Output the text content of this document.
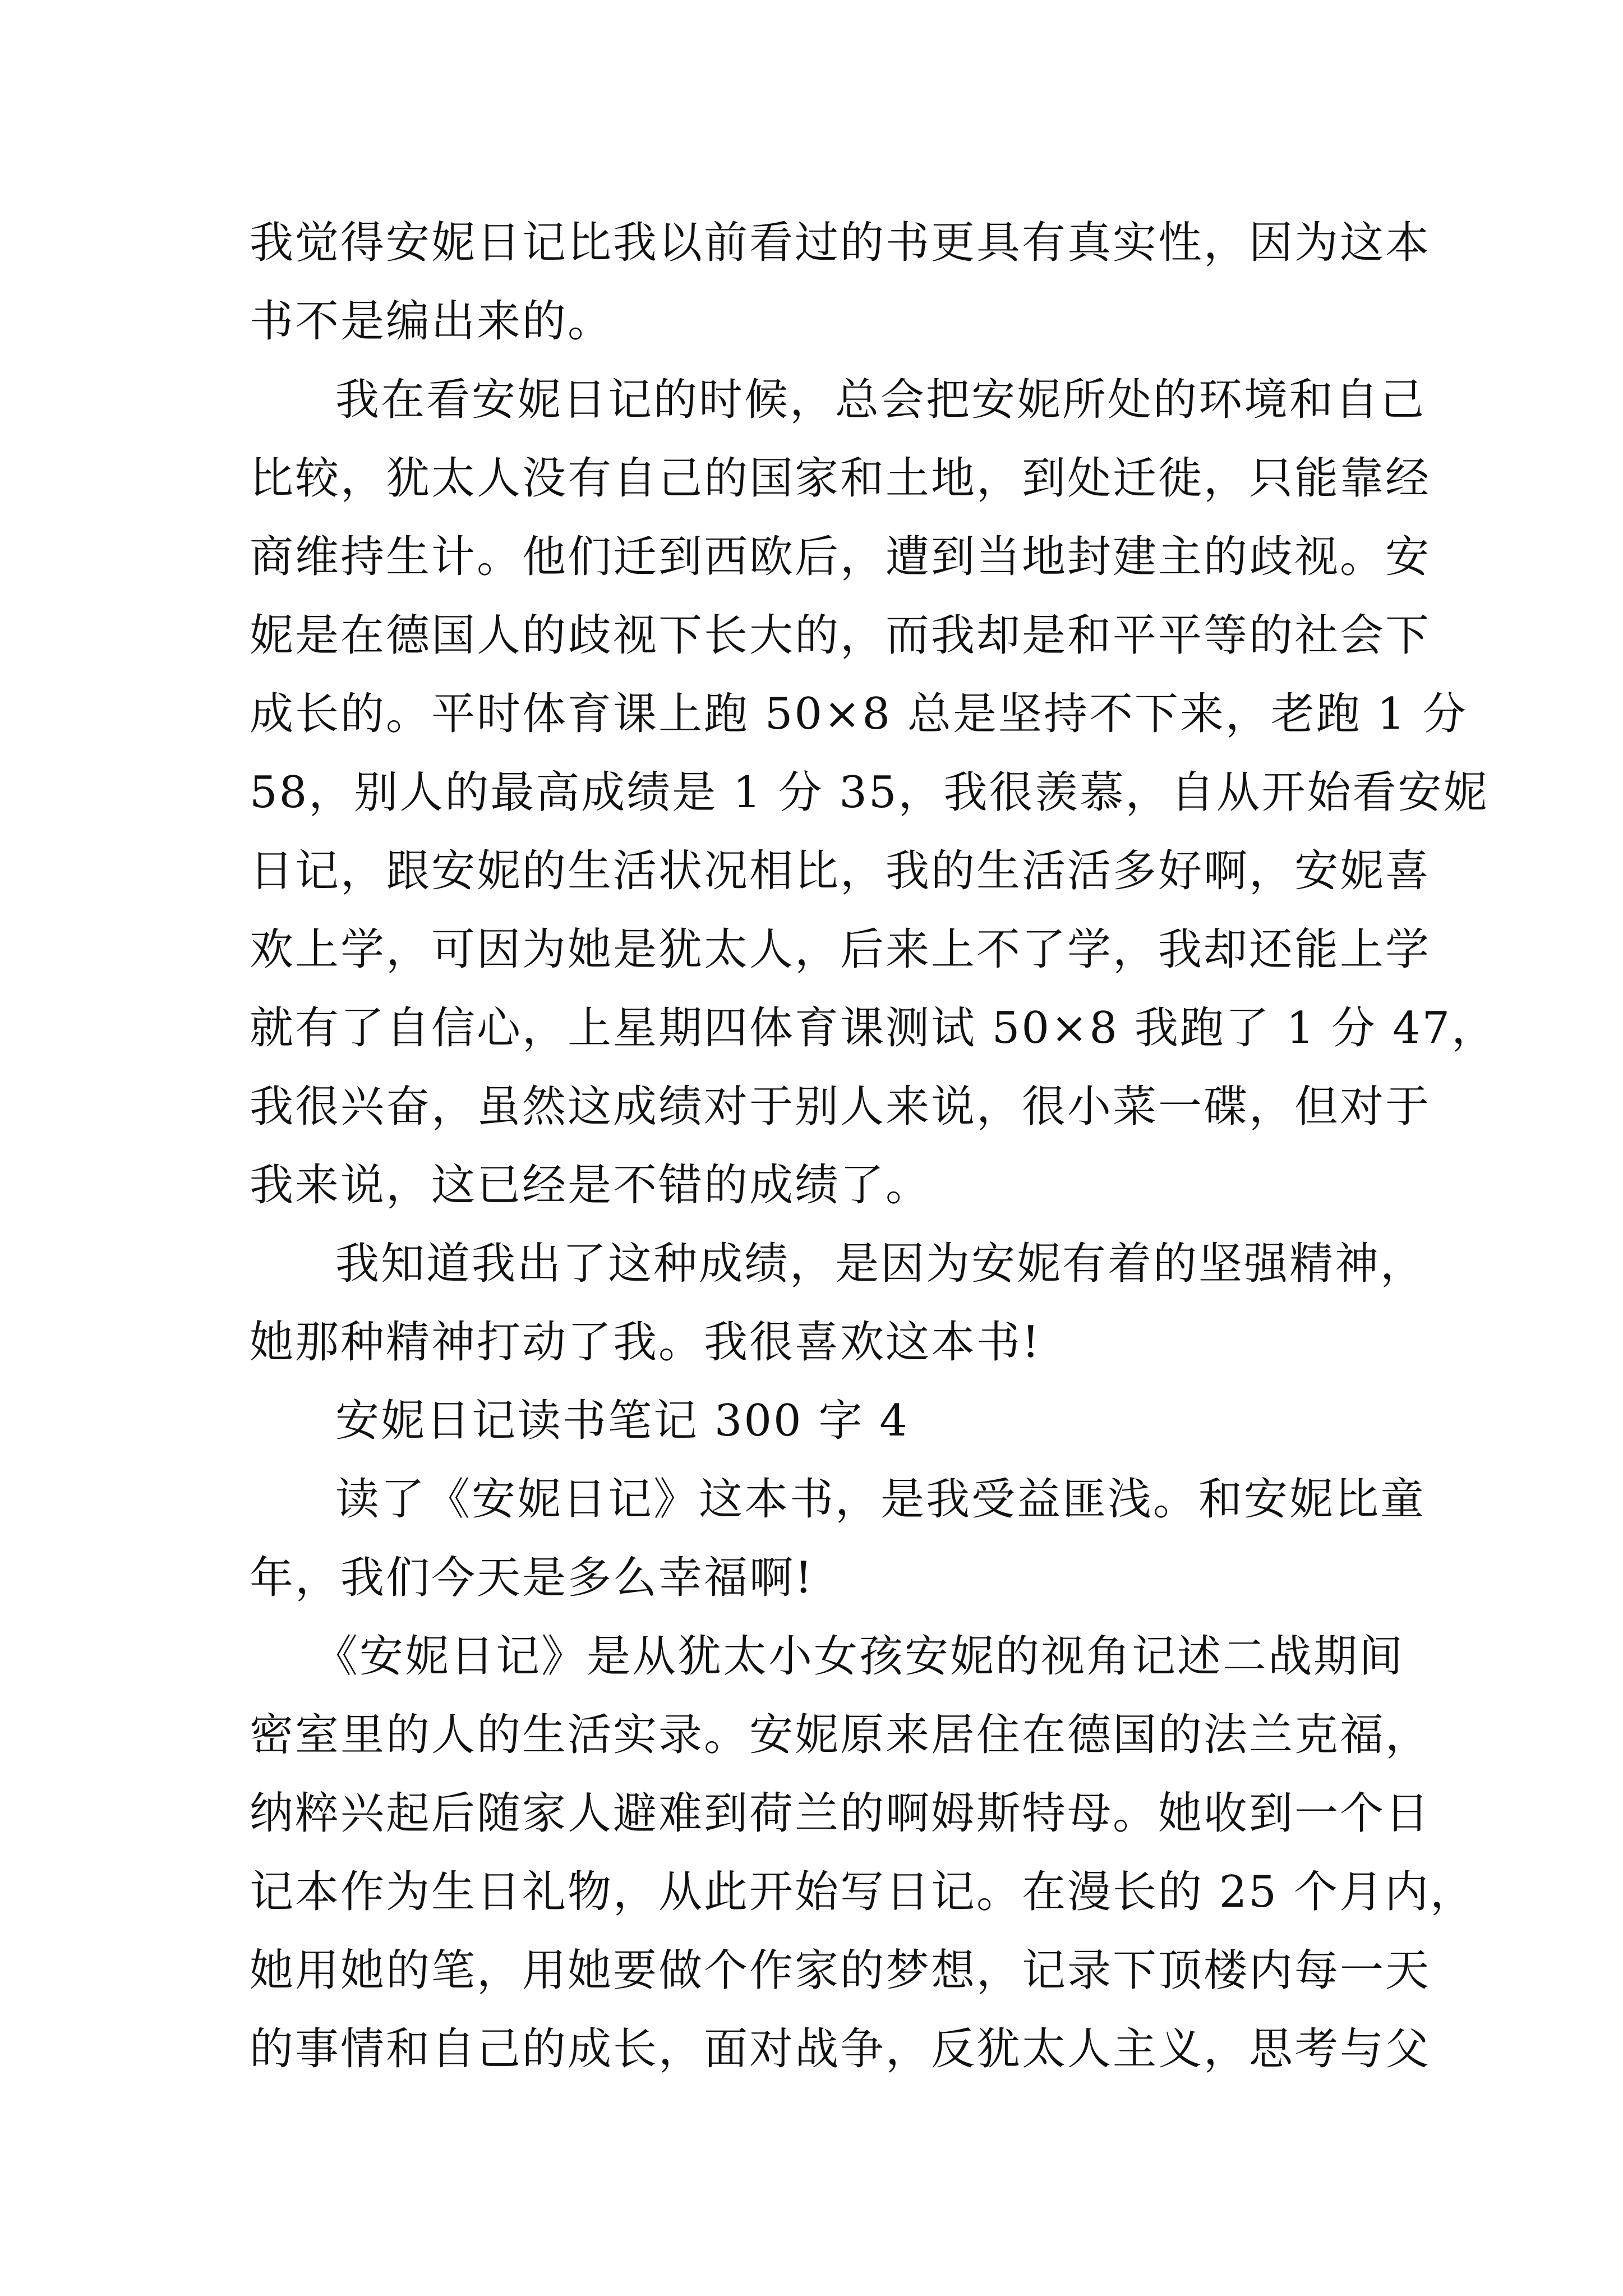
我觉得安妮日记比我以前看过的书更具有真实性，因为这本
书不是编出来的。
我在看安妮日记的时候，总会把安妮所处的环境和自己
比较，犹太人没有自己的国家和土地，到处迁徙，只能靠经
商维持生计。他们迁到西欧后，遭到当地封建主的歧视。安
妮是在德国人的歧视下长大的，而我却是和平平等的社会下
成长的。平时体育课上跑 50×8 总是坚持不下来，老跑 1 分
58，别人的最高成绩是 1 分 35，我很羡慕，自从开始看安妮
日记，跟安妮的生活状况相比，我的生活活多好啊，安妮喜
欢上学，可因为她是犹太人，后来上不了学，我却还能上学
就有了自信心，上星期四体育课测试 50×8 我跑了 1 分 47，
我很兴奋，虽然这成绩对于别人来说，很小菜一碟，但对于
我来说，这已经是不错的成绩了。
我知道我出了这种成绩，是因为安妮有着的坚强精神，
她那种精神打动了我。我很喜欢这本书!
安妮日记读书笔记 300 字 4
读了《安妮日记》这本书，是我受益匪浅。和安妮比童
年，我们今天是多么幸福啊!
《安妮日记》是从犹太小女孩安妮的视角记述二战期间
密室里的人的生活实录。安妮原来居住在德国的法兰克福，
纳粹兴起后随家人避难到荷兰的啊姆斯特母。她收到一个日
记本作为生日礼物，从此开始写日记。在漫长的 25 个月内，
她用她的笔，用她要做个作家的梦想，记录下顶楼内每一天
的事情和自己的成长，面对战争，反犹太人主义，思考与父
